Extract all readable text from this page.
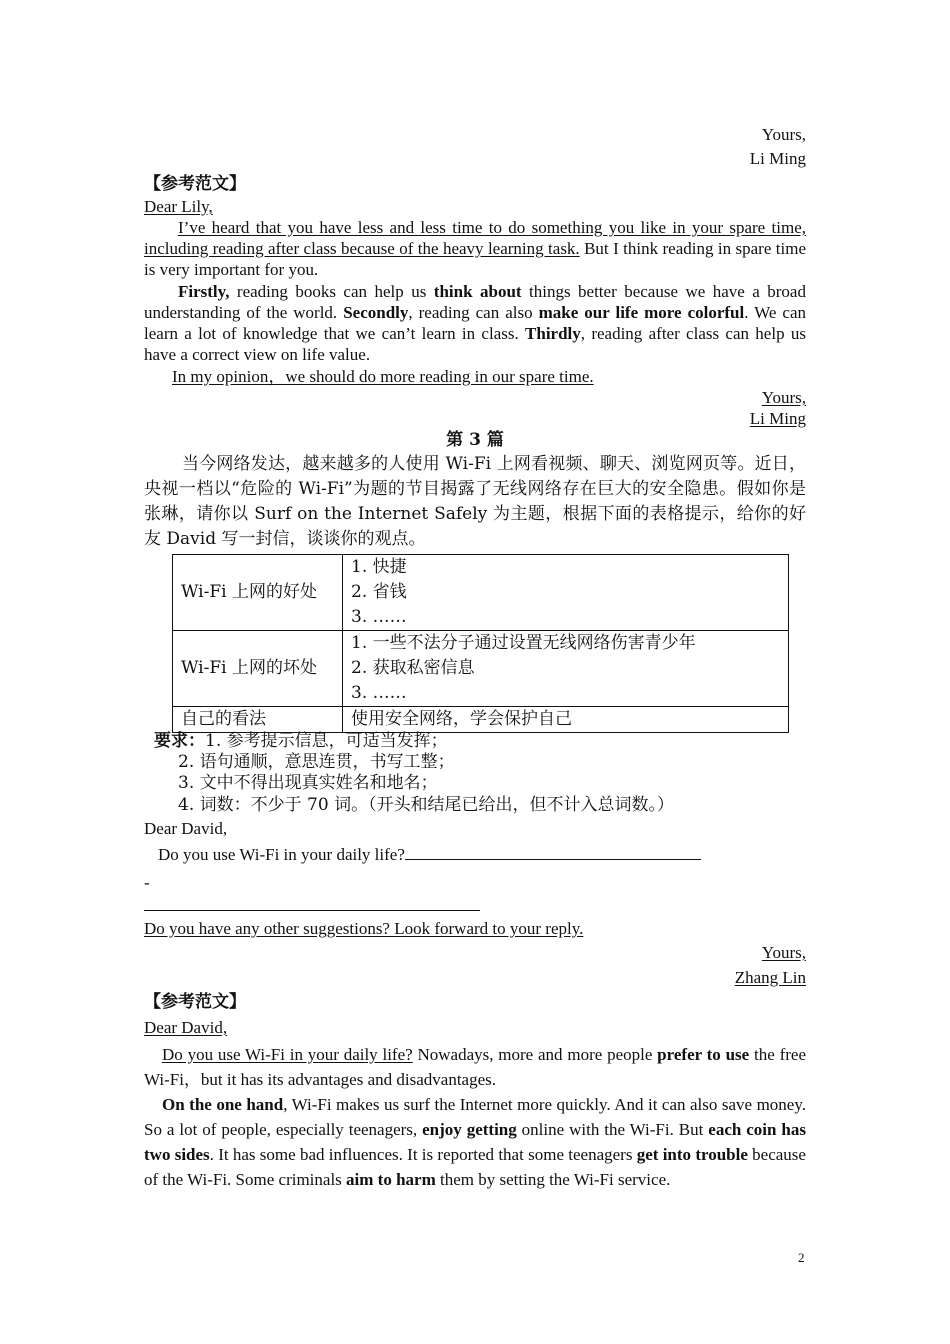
Yours,
Li Ming
【参考范文】
Dear Lily,

I’ve heard that you have less and less time to do something you like in your spare time, including reading after class because of the heavy learning task. But I think reading in spare time is very important for you.

Firstly, reading books can help us think about things better because we have a broad understanding of the world. Secondly, reading can also make our life more colorful. We can learn a lot of knowledge that we can’t learn in class. Thirdly, reading after class can help us have a correct view on life value.

In my opinion，we should do more reading in our spare time.
Yours,
Li Ming
第 3 篇

当今网络发达，越来越多的人使用 Wi-Fi 上网看视频、聊天、浏览网页等。近日，央视一档以“危险的 Wi-Fi”为题的节目揭露了无线网络存在巨大的安全隐患。假如你是张琳，请你以 Surf on the Internet Safely 为主题，根据下面的表格提示，给你的好友 David 写一封信，谈谈你的观点。

Wi-Fi 上网的好处	1. 快捷
2. 省钱
3. ……

Wi-Fi 上网的坏处	1. 一些不法分子通过设置无线网络伤害青少年
2. 获取私密信息
3. ……

自己的看法	使用安全网络，学会保护自己
要求：1. 参考提示信息，可适当发挥；
2. 语句通顺，意思连贯，书写工整；
3. 文中不得出现真实姓名和地名；
4. 词数：不少于 70 词。（开头和结尾已给出，但不计入总词数。）
Dear David,
Do you use Wi-Fi in your daily life?
-
Do you have any other suggestions? Look forward to your reply.
Yours,
Zhang Lin
【参考范文】
Dear David,

Do you use Wi-Fi in your daily life? Nowadays, more and more people prefer to use the free Wi-Fi，but it has its advantages and disadvantages.

On the one hand, Wi-Fi makes us surf the Internet more quickly. And it can also save money. So a lot of people, especially teenagers, enjoy getting online with the Wi-Fi. But each coin has two sides. It has some bad influences. It is reported that some teenagers get into trouble because of the Wi-Fi. Some criminals aim to harm them by setting the Wi-Fi service.

2
